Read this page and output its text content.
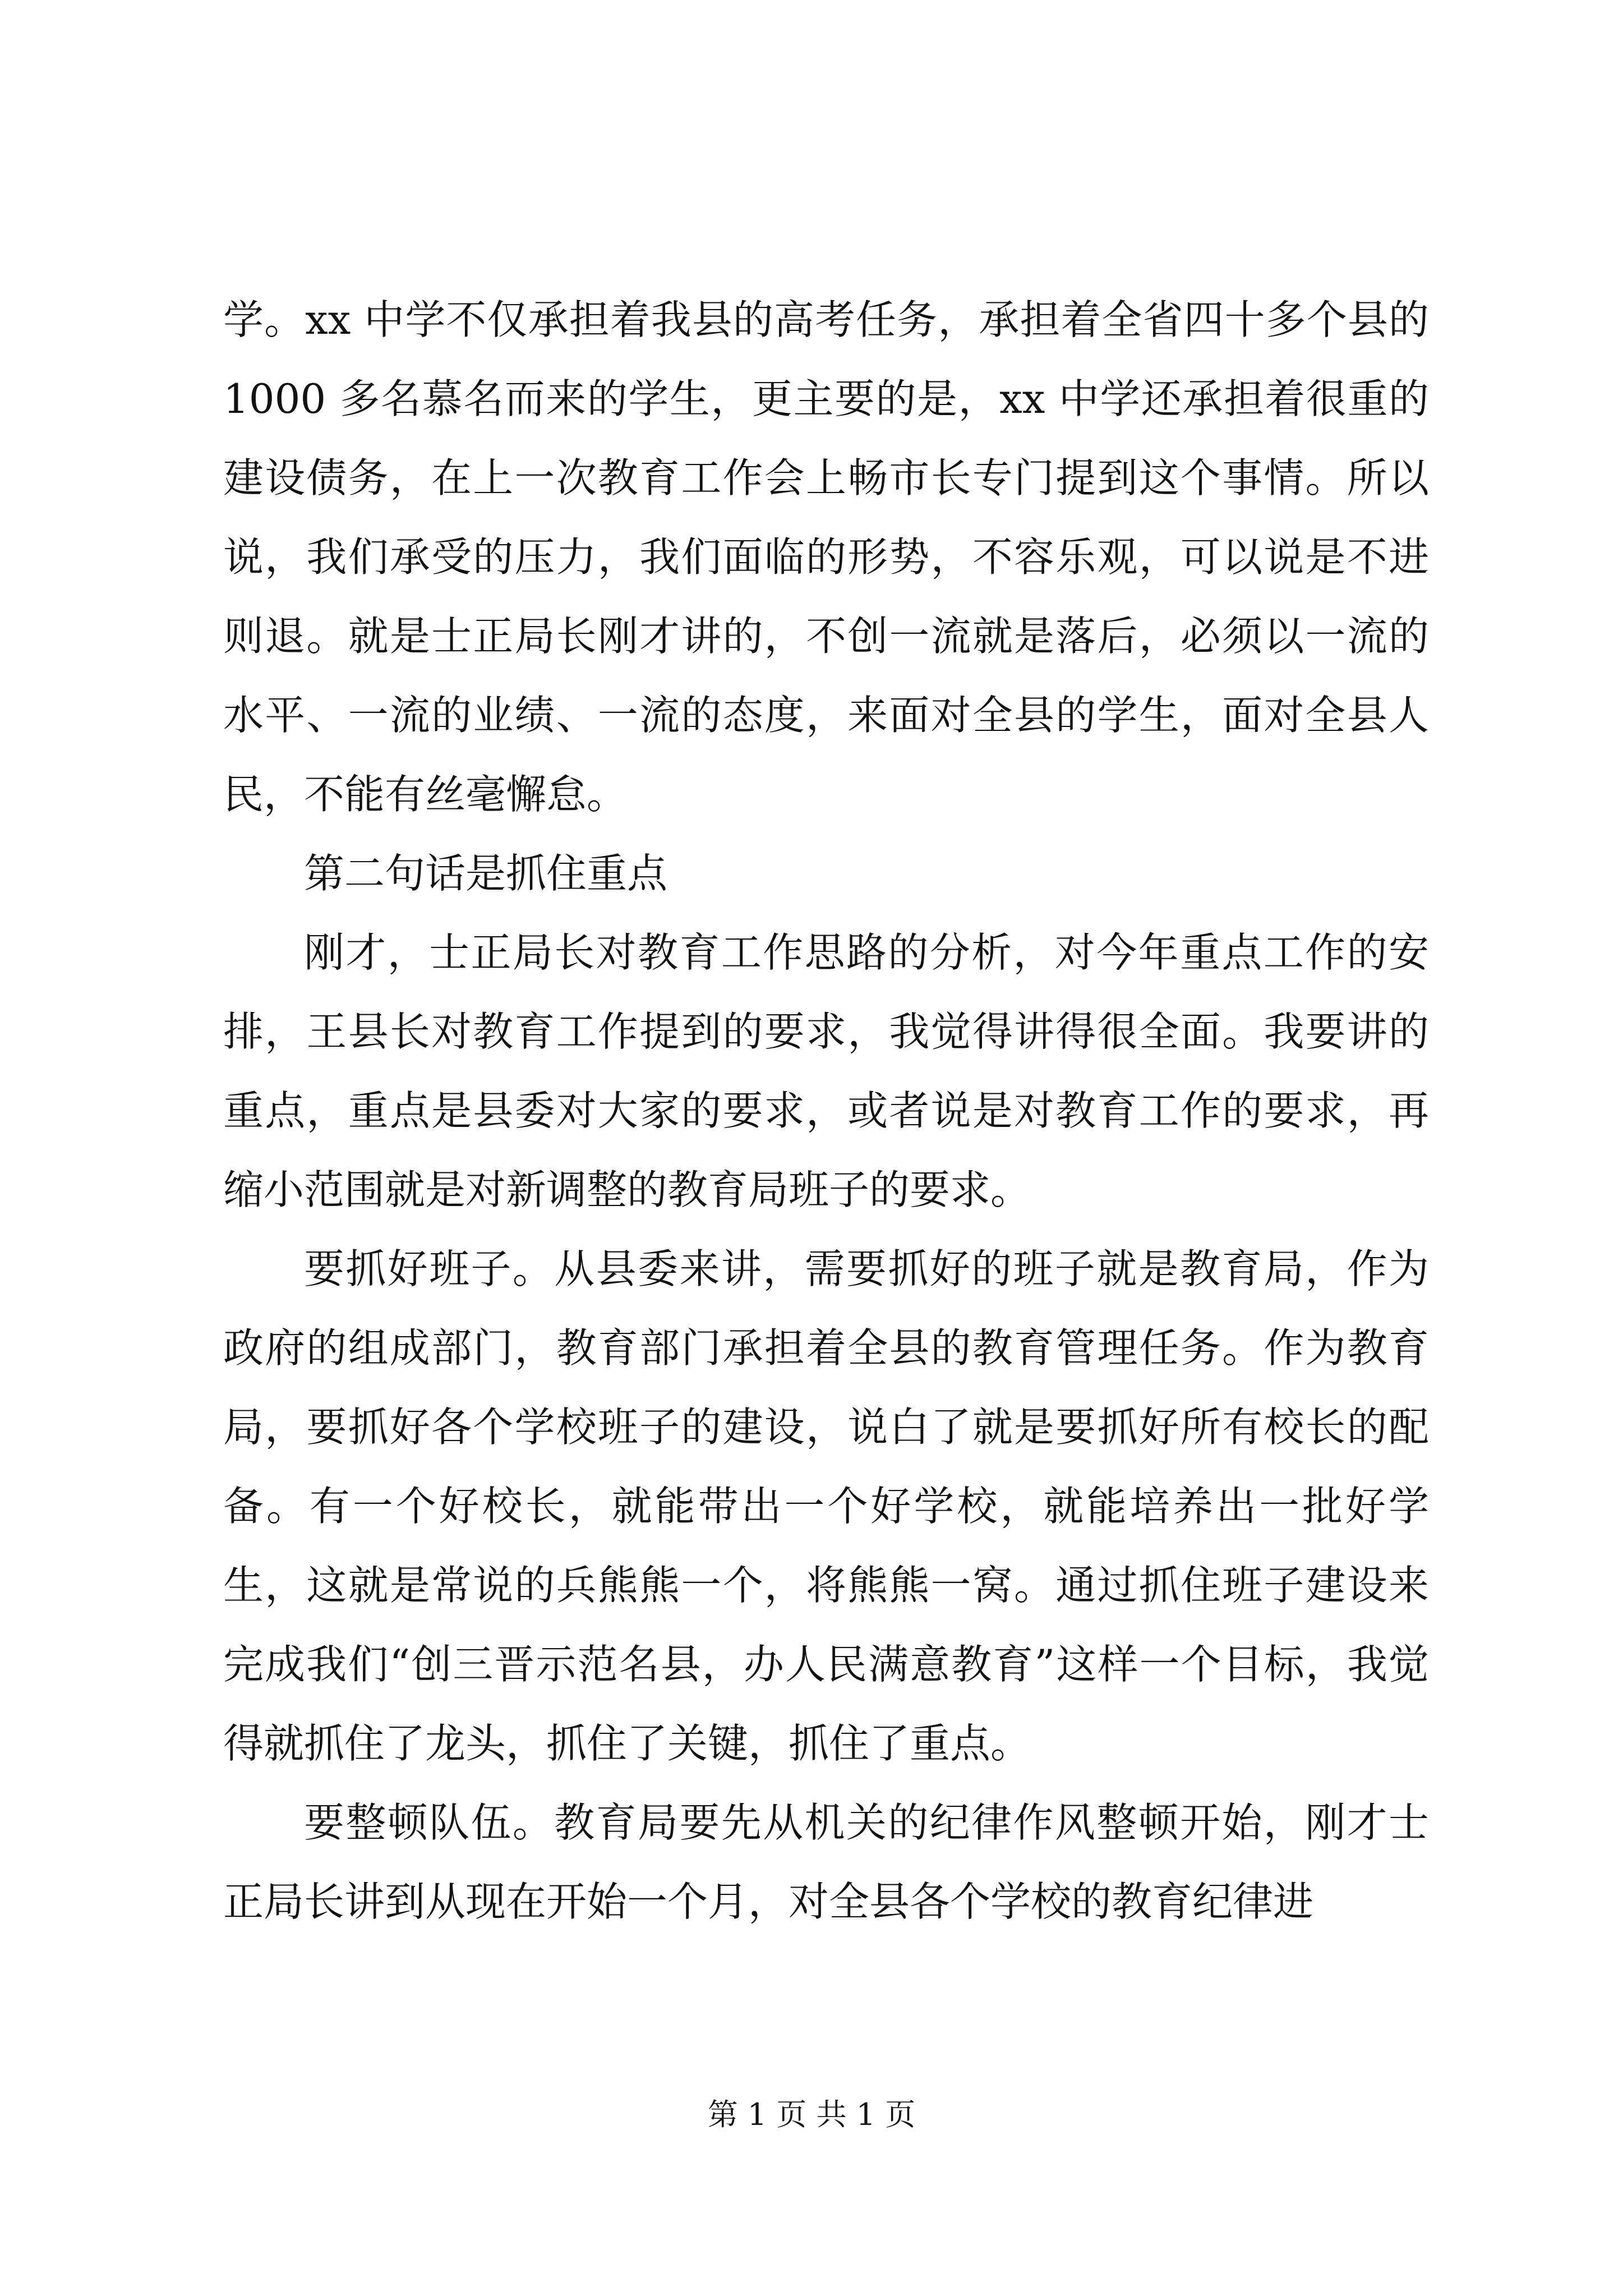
学。xx 中学不仅承担着我县的高考任务，承担着全省四十多个县的 1000 多名慕名而来的学生，更主要的是，xx 中学还承担着很重的建设债务，在上一次教育工作会上畅市长专门提到这个事情。所以说，我们承受的压力，我们面临的形势，不容乐观，可以说是不进则退。就是士正局长刚才讲的，不创一流就是落后，必须以一流的水平、一流的业绩、一流的态度，来面对全县的学生，面对全县人民，不能有丝毫懈怠。

第二句话是抓住重点

刚才，士正局长对教育工作思路的分析，对今年重点工作的安排，王县长对教育工作提到的要求，我觉得讲得很全面。我要讲的重点，重点是县委对大家的要求，或者说是对教育工作的要求，再缩小范围就是对新调整的教育局班子的要求。

要抓好班子。从县委来讲，需要抓好的班子就是教育局，作为政府的组成部门，教育部门承担着全县的教育管理任务。作为教育局，要抓好各个学校班子的建设，说白了就是要抓好所有校长的配备。有一个好校长，就能带出一个好学校，就能培养出一批好学生，这就是常说的兵熊熊一个，将熊熊一窝。通过抓住班子建设来完成我们“创三晋示范名县，办人民满意教育”这样一个目标，我觉得就抓住了龙头，抓住了关键，抓住了重点。

要整顿队伍。教育局要先从机关的纪律作风整顿开始，刚才士正局长讲到从现在开始一个月，对全县各个学校的教育纪律进

第 1 页 共 1 页
